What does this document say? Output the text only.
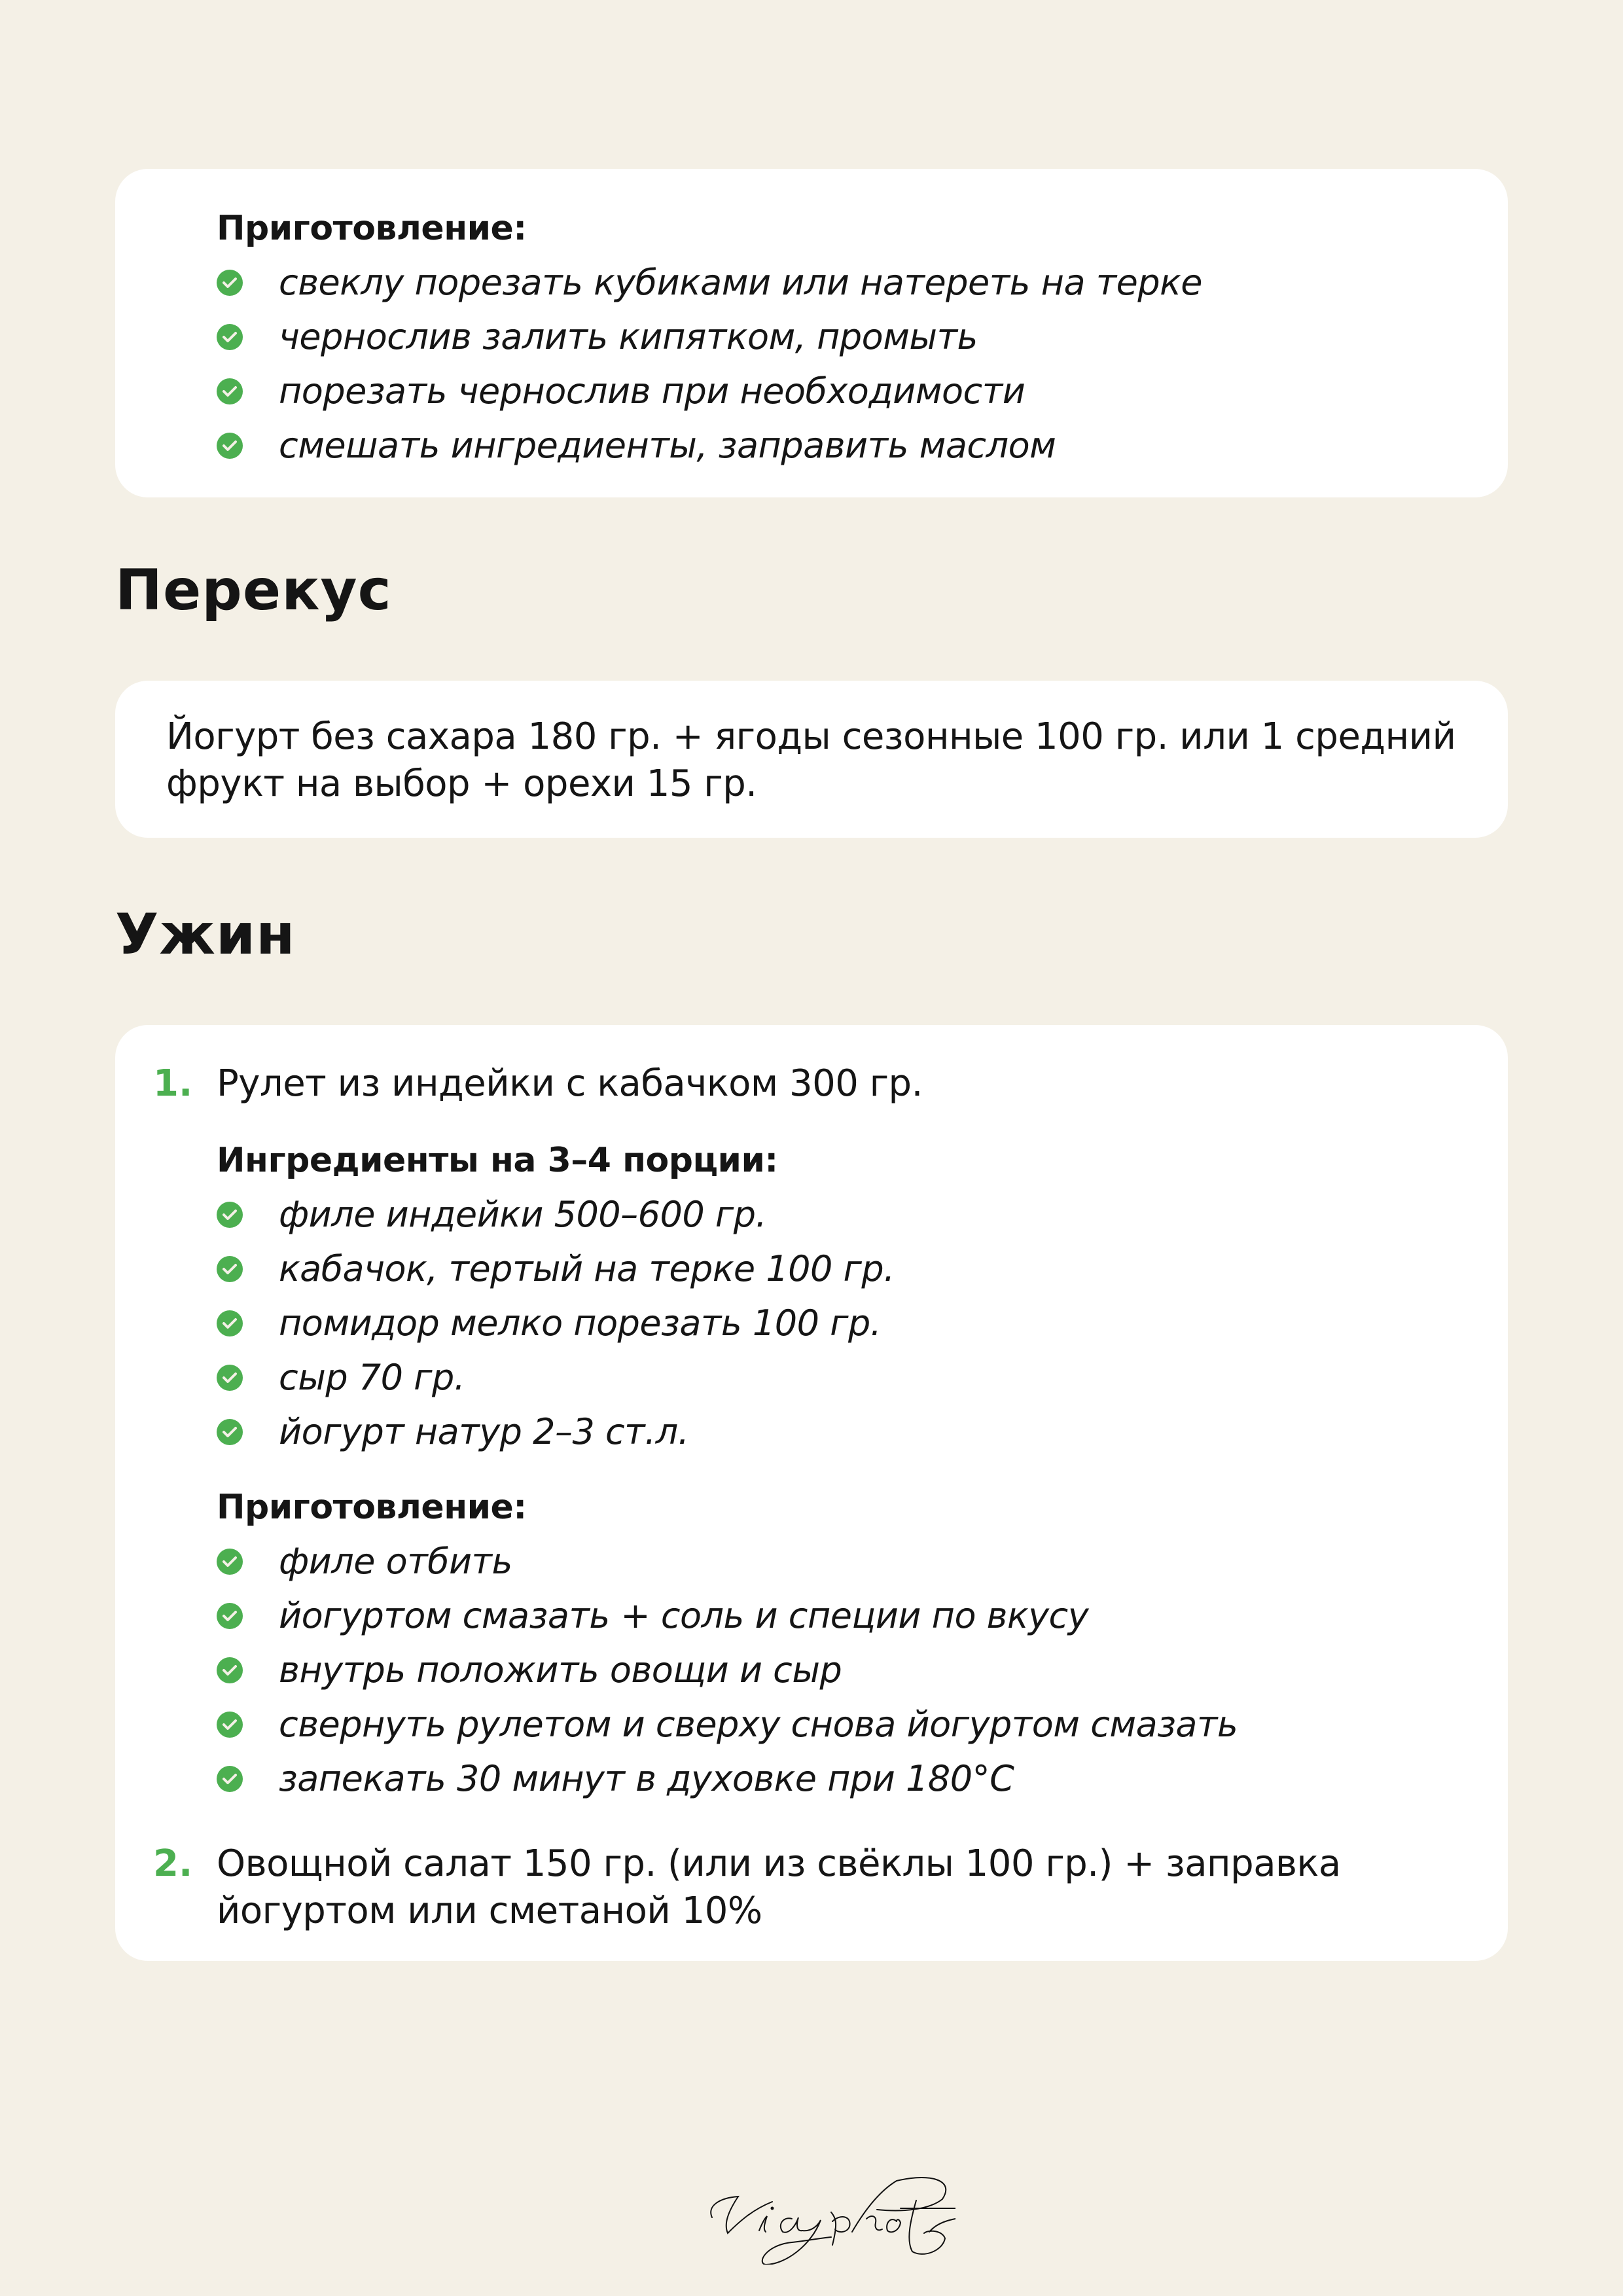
Приготовление:
свеклу порезать кубиками или натереть на терке
чернослив залить кипятком, промыть
порезать чернослив при необходимости
смешать ингредиенты, заправить маслом
Перекус
Йогурт без сахара 180 гр. + ягоды сезонные 100 гр. или 1 средний фрукт на выбор + орехи 15 гр.
Ужин
1. Рулет из индейки с кабачком 300 гр.
Ингредиенты на 3–4 порции:
филе индейки 500–600 гр.
кабачок, тертый на терке 100 гр.
помидор мелко порезать 100 гр.
сыр 70 гр.
йогурт натур 2–3 ст.л.
Приготовление:
филе отбить
йогуртом смазать + соль и специи по вкусу
внутрь положить овощи и сыр
свернуть рулетом и сверху снова йогуртом смазать
запекать 30 минут в духовке при 180°C
2. Овощной салат 150 гр. (или из свёклы 100 гр.) + заправка йогуртом или сметаной 10%
